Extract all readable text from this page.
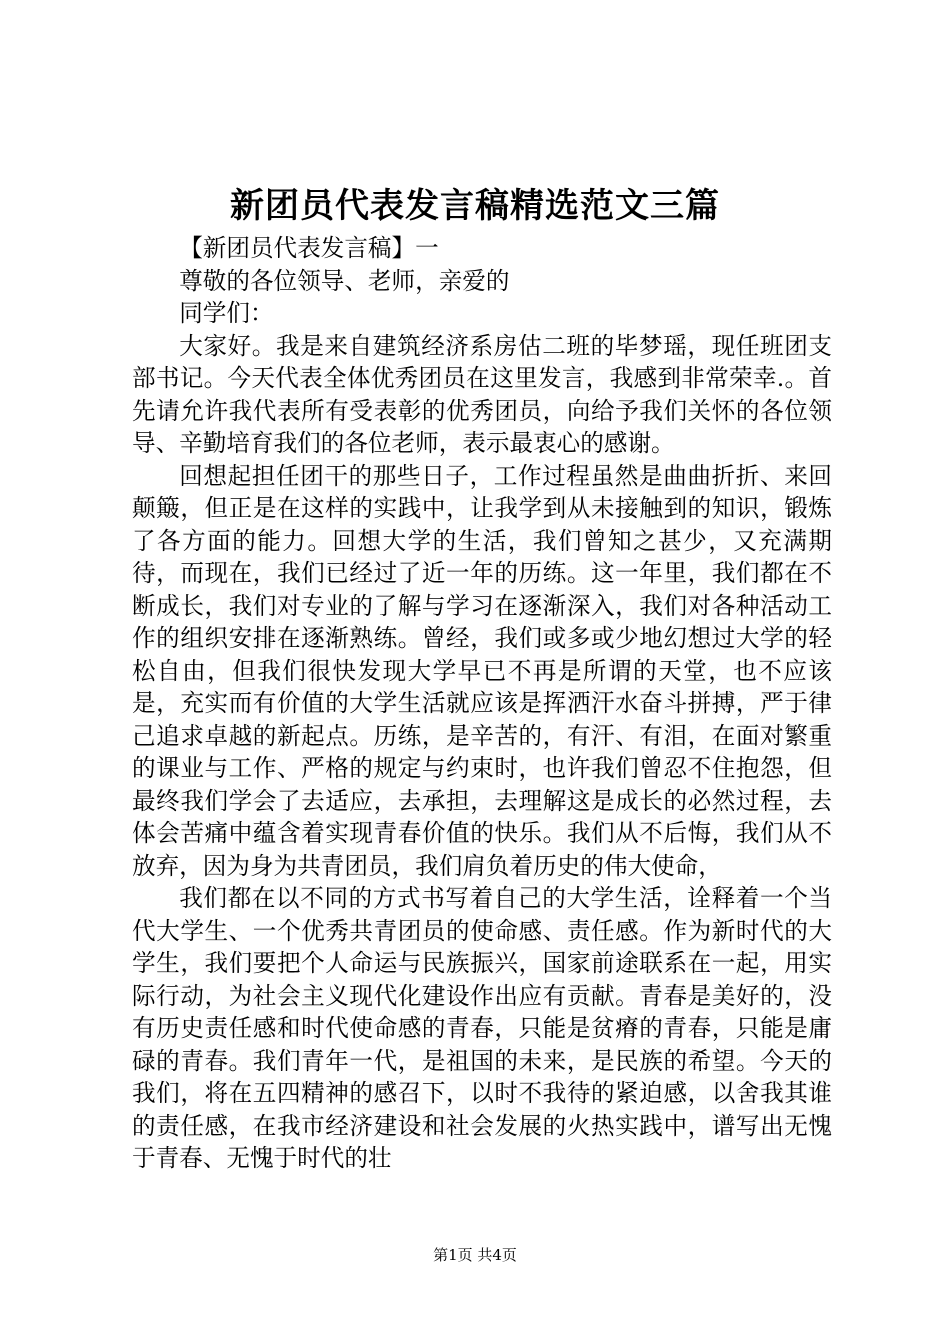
新团员代表发言稿精选范文三篇

【新团员代表发言稿】一

尊敬的各位领导、老师，亲爱的

同学们：

大家好。我是来自建筑经济系房估二班的毕梦瑶，现任班团支部书记。今天代表全体优秀团员在这里发言，我感到非常荣幸.。首先请允许我代表所有受表彰的优秀团员，向给予我们关怀的各位领导、辛勤培育我们的各位老师，表示最衷心的感谢。

回想起担任团干的那些日子，工作过程虽然是曲曲折折、来回颠簸，但正是在这样的实践中，让我学到从未接触到的知识，锻炼了各方面的能力。回想大学的生活，我们曾知之甚少，又充满期待，而现在，我们已经过了近一年的历练。这一年里，我们都在不断成长，我们对专业的了解与学习在逐渐深入，我们对各种活动工作的组织安排在逐渐熟练。曾经，我们或多或少地幻想过大学的轻松自由，但我们很快发现大学早已不再是所谓的天堂，也不应该是，充实而有价值的大学生活就应该是挥洒汗水奋斗拼搏，严于律己追求卓越的新起点。历练，是辛苦的，有汗、有泪，在面对繁重的课业与工作、严格的规定与约束时，也许我们曾忍不住抱怨，但最终我们学会了去适应，去承担，去理解这是成长的必然过程，去体会苦痛中蕴含着实现青春价值的快乐。我们从不后悔，我们从不放弃，因为身为共青团员，我们肩负着历史的伟大使命，

我们都在以不同的方式书写着自己的大学生活，诠释着一个当代大学生、一个优秀共青团员的使命感、责任感。作为新时代的大学生，我们要把个人命运与民族振兴，国家前途联系在一起，用实际行动，为社会主义现代化建设作出应有贡献。青春是美好的，没有历史责任感和时代使命感的青春，只能是贫瘠的青春，只能是庸碌的青春。我们青年一代，是祖国的未来，是民族的希望。今天的我们，将在五四精神的感召下，以时不我待的紧迫感，以舍我其谁的责任感，在我市经济建设和社会发展的火热实践中，谱写出无愧于青春、无愧于时代的壮

第1页 共4页
